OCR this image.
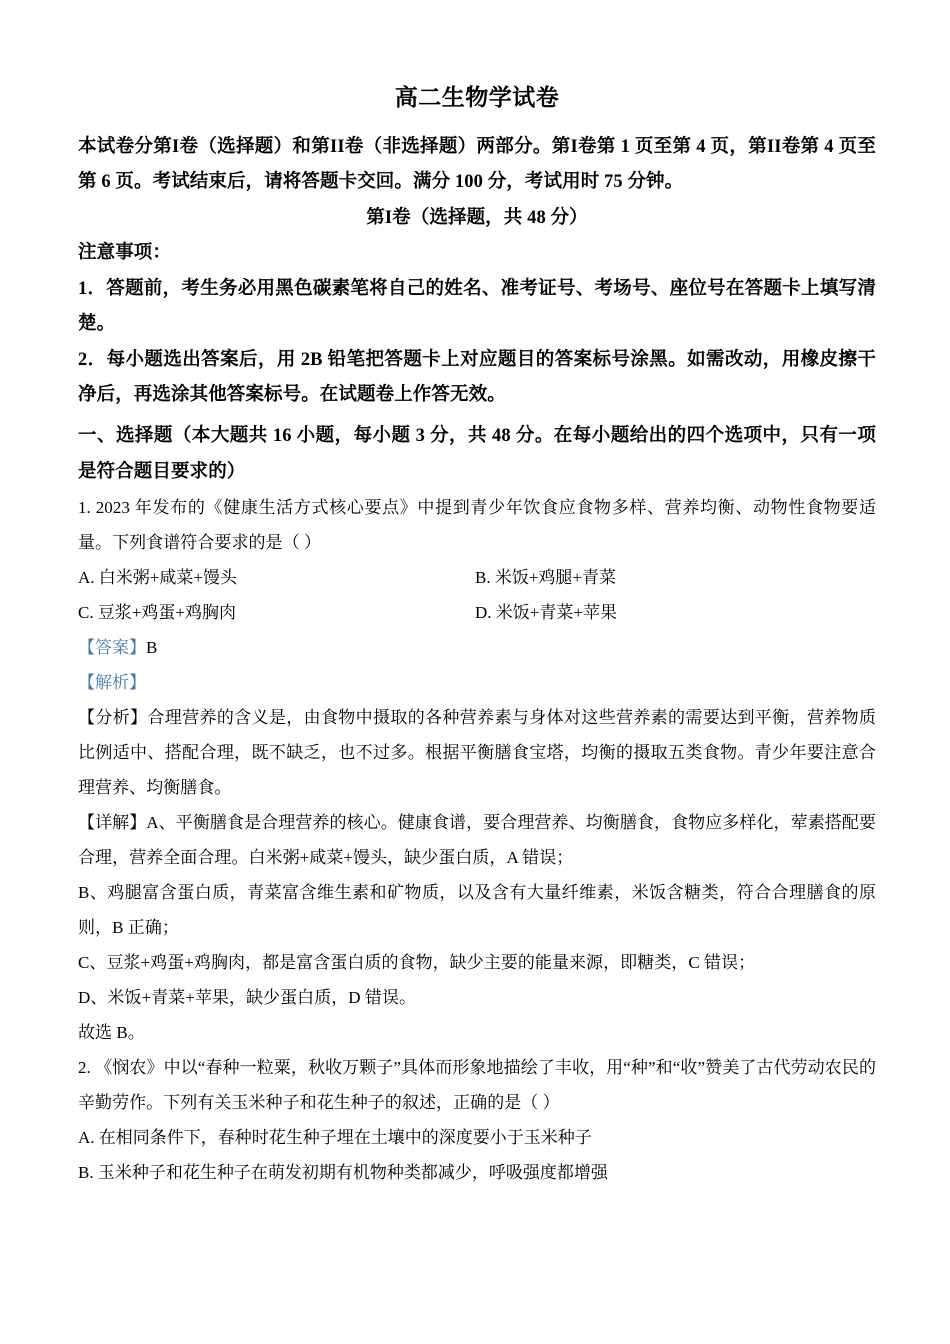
高二生物学试卷

本试卷分第I卷（选择题）和第II卷（非选择题）两部分。第I卷第 1 页至第 4 页，第II卷第 4 页至第 6 页。考试结束后，请将答题卡交回。满分 100 分，考试用时 75 分钟。

第I卷（选择题，共 48 分）

注意事项：

1．答题前，考生务必用黑色碳素笔将自己的姓名、准考证号、考场号、座位号在答题卡上填写清楚。

2．每小题选出答案后，用 2B 铅笔把答题卡上对应题目的答案标号涂黑。如需改动，用橡皮擦干净后，再选涂其他答案标号。在试题卷上作答无效。

一、选择题（本大题共 16 小题，每小题 3 分，共 48 分。在每小题给出的四个选项中，只有一项是符合题目要求的）

1. 2023 年发布的《健康生活方式核心要点》中提到青少年饮食应食物多样、营养均衡、动物性食物要适量。下列食谱符合要求的是（ ）

A. 白米粥+咸菜+馒头	B. 米饭+鸡腿+青菜
C. 豆浆+鸡蛋+鸡胸肉	D. 米饭+青菜+苹果

【答案】B

【解析】

【分析】合理营养的含义是，由食物中摄取的各种营养素与身体对这些营养素的需要达到平衡，营养物质比例适中、搭配合理，既不缺乏，也不过多。根据平衡膳食宝塔，均衡的摄取五类食物。青少年要注意合理营养、均衡膳食。

【详解】A、平衡膳食是合理营养的核心。健康食谱，要合理营养、均衡膳食，食物应多样化，荤素搭配要合理，营养全面合理。白米粥+咸菜+馒头，缺少蛋白质，A 错误；

B、鸡腿富含蛋白质，青菜富含维生素和矿物质，以及含有大量纤维素，米饭含糖类，符合合理膳食的原则，B 正确；

C、豆浆+鸡蛋+鸡胸肉，都是富含蛋白质的食物，缺少主要的能量来源，即糖类，C 错误；

D、米饭+青菜+苹果，缺少蛋白质，D 错误。

故选 B。

2. 《悯农》中以“春种一粒粟，秋收万颗子”具体而形象地描绘了丰收，用“种”和“收”赞美了古代劳动农民的辛勤劳作。下列有关玉米种子和花生种子的叙述，正确的是（ ）

A. 在相同条件下，春种时花生种子埋在土壤中的深度要小于玉米种子

B. 玉米种子和花生种子在萌发初期有机物种类都减少，呼吸强度都增强
